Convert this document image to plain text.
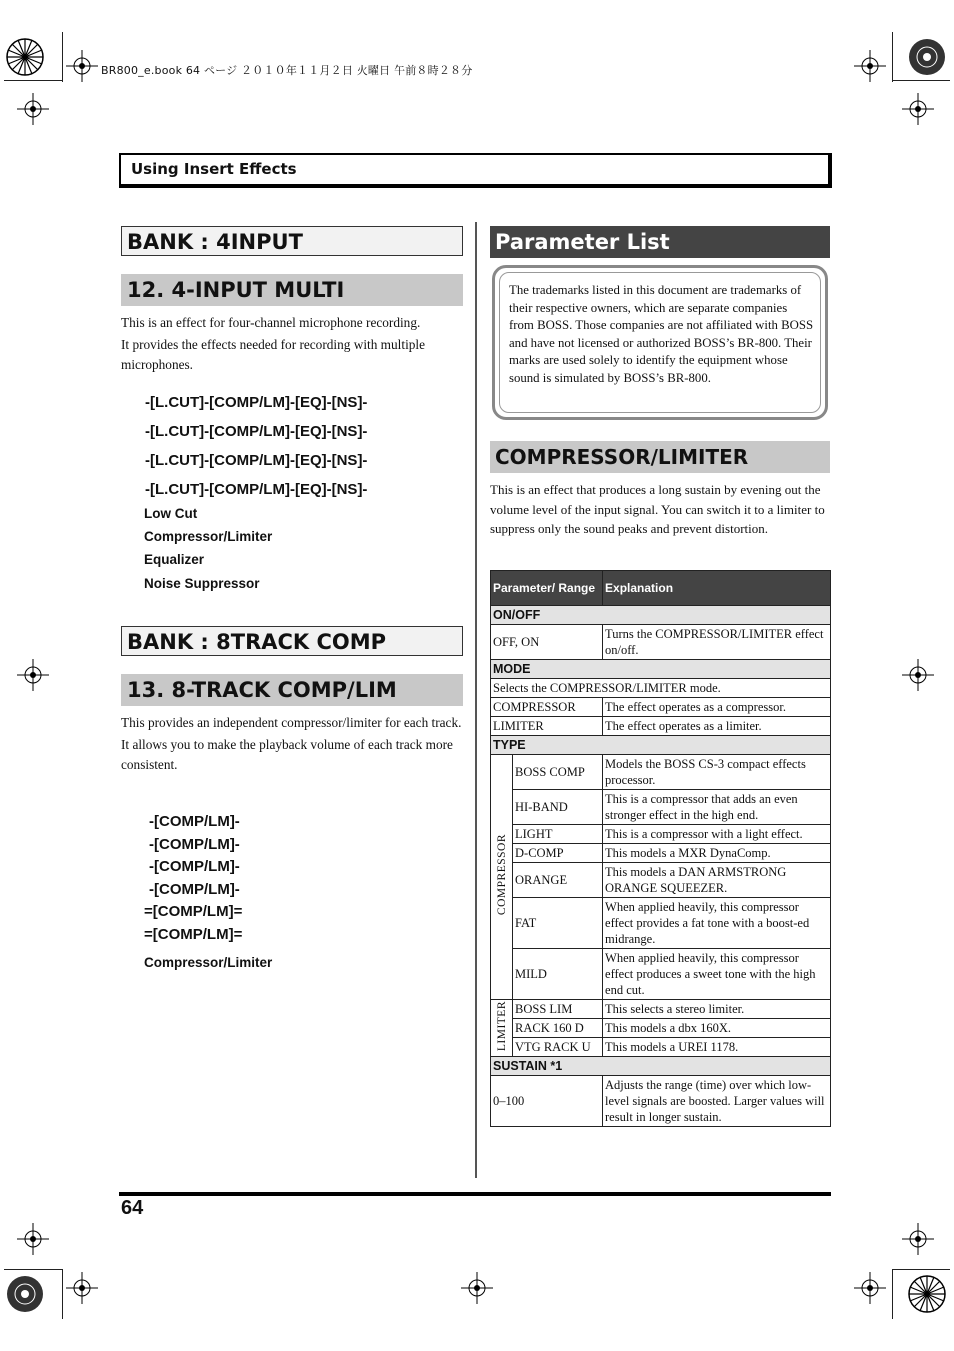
BR800_e.book 64 ページ ２０１０年１１月２日 火曜日 午前８時２８分
Using Insert Effects
BANK : 4INPUT
12. 4-INPUT MULTI
This is an effect for four-channel microphone recording.
It provides the effects needed for recording with multiple microphones.
-[L.CUT]-[COMP/LM]-[EQ]-[NS]-
-[L.CUT]-[COMP/LM]-[EQ]-[NS]-
-[L.CUT]-[COMP/LM]-[EQ]-[NS]-
-[L.CUT]-[COMP/LM]-[EQ]-[NS]-
Low Cut
Compressor/Limiter
Equalizer
Noise Suppressor
BANK : 8TRACK COMP
13. 8-TRACK COMP/LIM
This provides an independent compressor/limiter for each track.
It allows you to make the playback volume of each track more consistent.
-[COMP/LM]-
-[COMP/LM]-
-[COMP/LM]-
-[COMP/LM]-
=[COMP/LM]=
=[COMP/LM]=
Compressor/Limiter
Parameter List

The trademarks listed in this document are trademarks of their respective owners, which are separate companies from BOSS. Those companies are not affiliated with BOSS and have not licensed or authorized BOSS’s BR-800. Their marks are used solely to identify the equipment whose sound is simulated by BOSS’s BR-800.

COMPRESSOR/LIMITER
This is an effect that produces a long sustain by evening out the volume level of the input signal. You can switch it to a limiter to suppress only the sound peaks and prevent distortion.
Parameter/ Range		Explanation
ON/OFF		
OFF, ON		Turns the COMPRESSOR/LIMITER effect on/off.
MODE		
Selects the COMPRESSOR/LIMITER mode.		
COMPRESSOR		The effect operates as a compressor.
LIMITER		The effect operates as a limiter.
TYPE		
COMPRESSOR	BOSS COMP	Models the BOSS CS-3 compact effects processor.
	HI-BAND	This is a compressor that adds an even stronger effect in the high end.
	LIGHT	This is a compressor with a light effect.
	D-COMP	This models a MXR DynaComp.
	ORANGE	This models a DAN ARMSTRONG ORANGE SQUEEZER.
	FAT	When applied heavily, this compressor effect provides a fat tone with a boost-ed midrange.
	MILD	When applied heavily, this compressor effect produces a sweet tone with the high end cut.
LIMITER	BOSS LIM	This selects a stereo limiter.
	RACK 160 D	This models a dbx 160X.
	VTG RACK U	This models a UREI 1178.
SUSTAIN *1		
0–100		Adjusts the range (time) over which low-level signals are boosted. Larger values will result in longer sustain.
64
